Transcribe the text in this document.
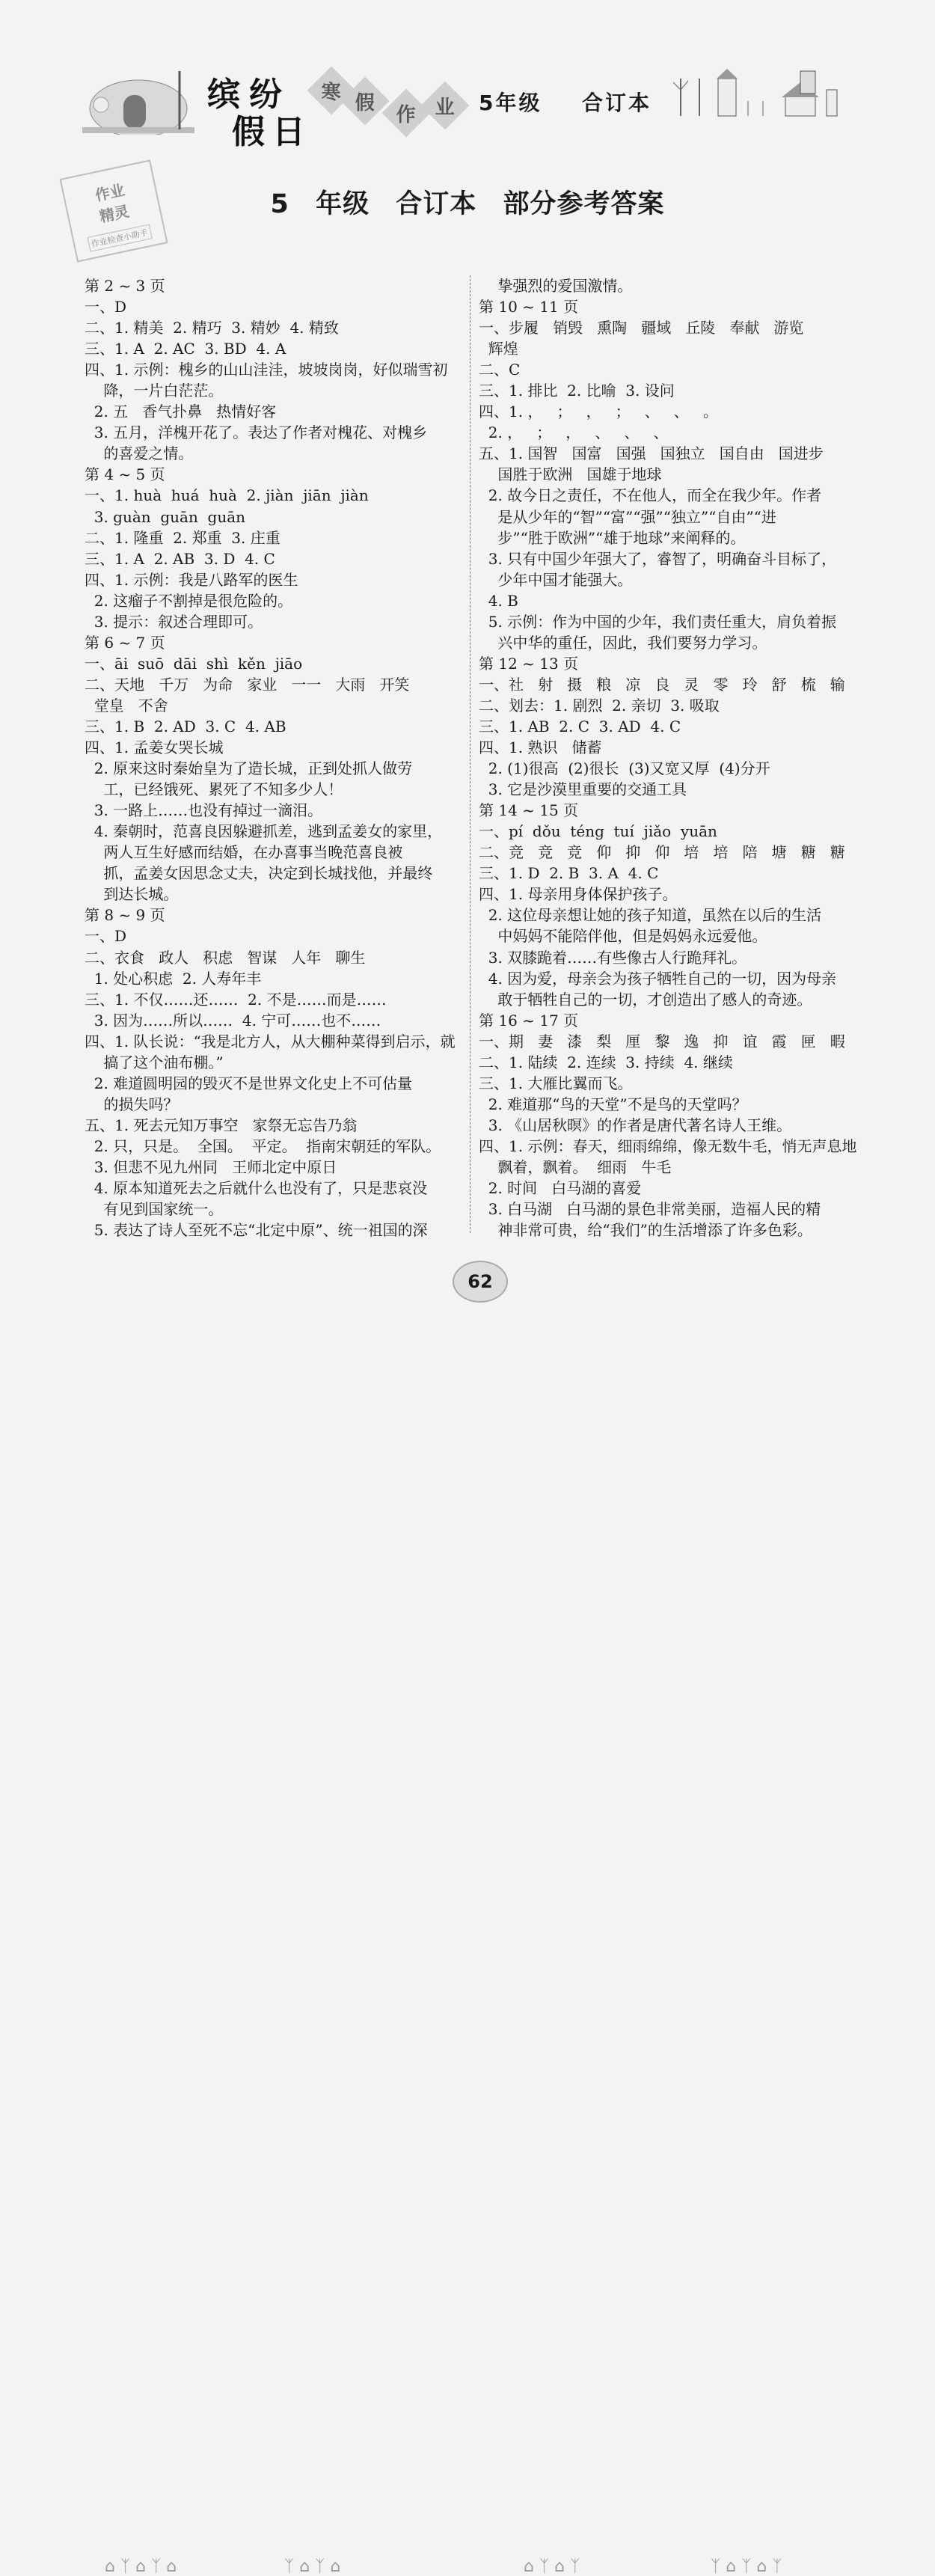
缤纷
假日
寒 假
作 业 5年级 合订本
作业
精灵
作业检查小助手
5 年级 合订本 部分参考答案
第 2 ~ 3 页
一、D
二、1. 精美  2. 精巧  3. 精妙  4. 精致
三、1. A  2. AC  3. BD  4. A
四、1. 示例：槐乡的山山洼洼，坡坡岗岗，好似瑞雪初
降，一片白茫茫。
2. 五   香气扑鼻   热情好客
3. 五月，洋槐开花了。表达了作者对槐花、对槐乡
的喜爱之情。
第 4 ~ 5 页
一、1. huà  huá  huà  2. jiàn  jiān  jiàn
3. guàn  guān  guān
二、1. 隆重  2. 郑重  3. 庄重
三、1. A  2. AB  3. D  4. C
四、1. 示例：我是八路军的医生
2. 这瘤子不割掉是很危险的。
3. 提示：叙述合理即可。
第 6 ~ 7 页
一、āi  suō  dāi  shì  kěn  jiāo
二、天地   千万   为命   家业   一一   大雨   开笑
堂皇   不舍
三、1. B  2. AD  3. C  4. AB
四、1. 孟姜女哭长城
2. 原来这时秦始皇为了造长城，正到处抓人做劳
工，已经饿死、累死了不知多少人！
3. 一路上……也没有掉过一滴泪。
4. 秦朝时，范喜良因躲避抓差，逃到孟姜女的家里，
两人互生好感而结婚，在办喜事当晚范喜良被
抓，孟姜女因思念丈夫，决定到长城找他，并最终
到达长城。
第 8 ~ 9 页
一、D
二、衣食   政人   积虑   智谋   人年   聊生
1. 处心积虑  2. 人寿年丰
三、1. 不仅……还……  2. 不是……而是……
3. 因为……所以……  4. 宁可……也不……
四、1. 队长说：“我是北方人，从大棚种菜得到启示，就
搞了这个油布棚。”
2. 难道圆明园的毁灭不是世界文化史上不可估量
的损失吗？
五、1. 死去元知万事空   家祭无忘告乃翁
2. 只，只是。  全国。  平定。  指南宋朝廷的军队。
3. 但悲不见九州同   王师北定中原日
4. 原本知道死去之后就什么也没有了，只是悲哀没
有见到国家统一。
5. 表达了诗人至死不忘“北定中原”、统一祖国的深
挚强烈的爱国激情。
第 10 ~ 11 页
一、步履   销毁   熏陶   疆域   丘陵   奉献   游览
辉煌
二、C
三、1. 排比  2. 比喻  3. 设问
四、1. ，   ；   ，   ；   、   、   。
2. ，   ；   ，   、   、   、
五、1. 国智   国富   国强   国独立   国自由   国进步
国胜于欧洲   国雄于地球
2. 故今日之责任，不在他人，而全在我少年。作者
是从少年的“智”“富”“强”“独立”“自由”“进
步”“胜于欧洲”“雄于地球”来阐释的。
3. 只有中国少年强大了，睿智了，明确奋斗目标了，
少年中国才能强大。
4. B
5. 示例：作为中国的少年，我们责任重大，肩负着振
兴中华的重任，因此，我们要努力学习。
第 12 ~ 13 页
一、社   射   摄   粮   凉   良   灵   零   玲   舒   梳   输
二、划去：1. 剧烈  2. 亲切  3. 吸取
三、1. AB  2. C  3. AD  4. C
四、1. 熟识   储蓄
2. (1)很高  (2)很长  (3)又宽又厚  (4)分开
3. 它是沙漠里重要的交通工具
第 14 ~ 15 页
一、pí  dǒu  téng  tuí  jiǎo  yuān
二、竞   竞   竞   仰   抑   仰   培   培   陪   塘   糖   糖
三、1. D  2. B  3. A  4. C
四、1. 母亲用身体保护孩子。
2. 这位母亲想让她的孩子知道，虽然在以后的生活
中妈妈不能陪伴他，但是妈妈永远爱他。
3. 双膝跪着……有些像古人行跪拜礼。
4. 因为爱，母亲会为孩子牺牲自己的一切，因为母亲
敢于牺牲自己的一切，才创造出了感人的奇迹。
第 16 ~ 17 页
一、期   妻   漆   梨   厘   黎   逸   抑   谊   霞   匣   暇
二、1. 陆续  2. 连续  3. 持续  4. 继续
三、1. 大雁比翼而飞。
2. 难道那“鸟的天堂”不是鸟的天堂吗？
3. 《山居秋暝》的作者是唐代著名诗人王维。
四、1. 示例：春天，细雨绵绵，像无数牛毛，悄无声息地
飘着，飘着。  细雨   牛毛
2. 时间   白马湖的喜爱
3. 白马湖   白马湖的景色非常美丽，造福人民的精
神非常可贵，给“我们”的生活增添了许多色彩。
⌂ ᛉ ⌂ ᛉ ⌂	ᛉ ⌂ ᛉ ⌂	⌂ ᛉ ⌂ ᛉ	ᛉ ⌂ ᛉ ⌂ ᛉ
62
